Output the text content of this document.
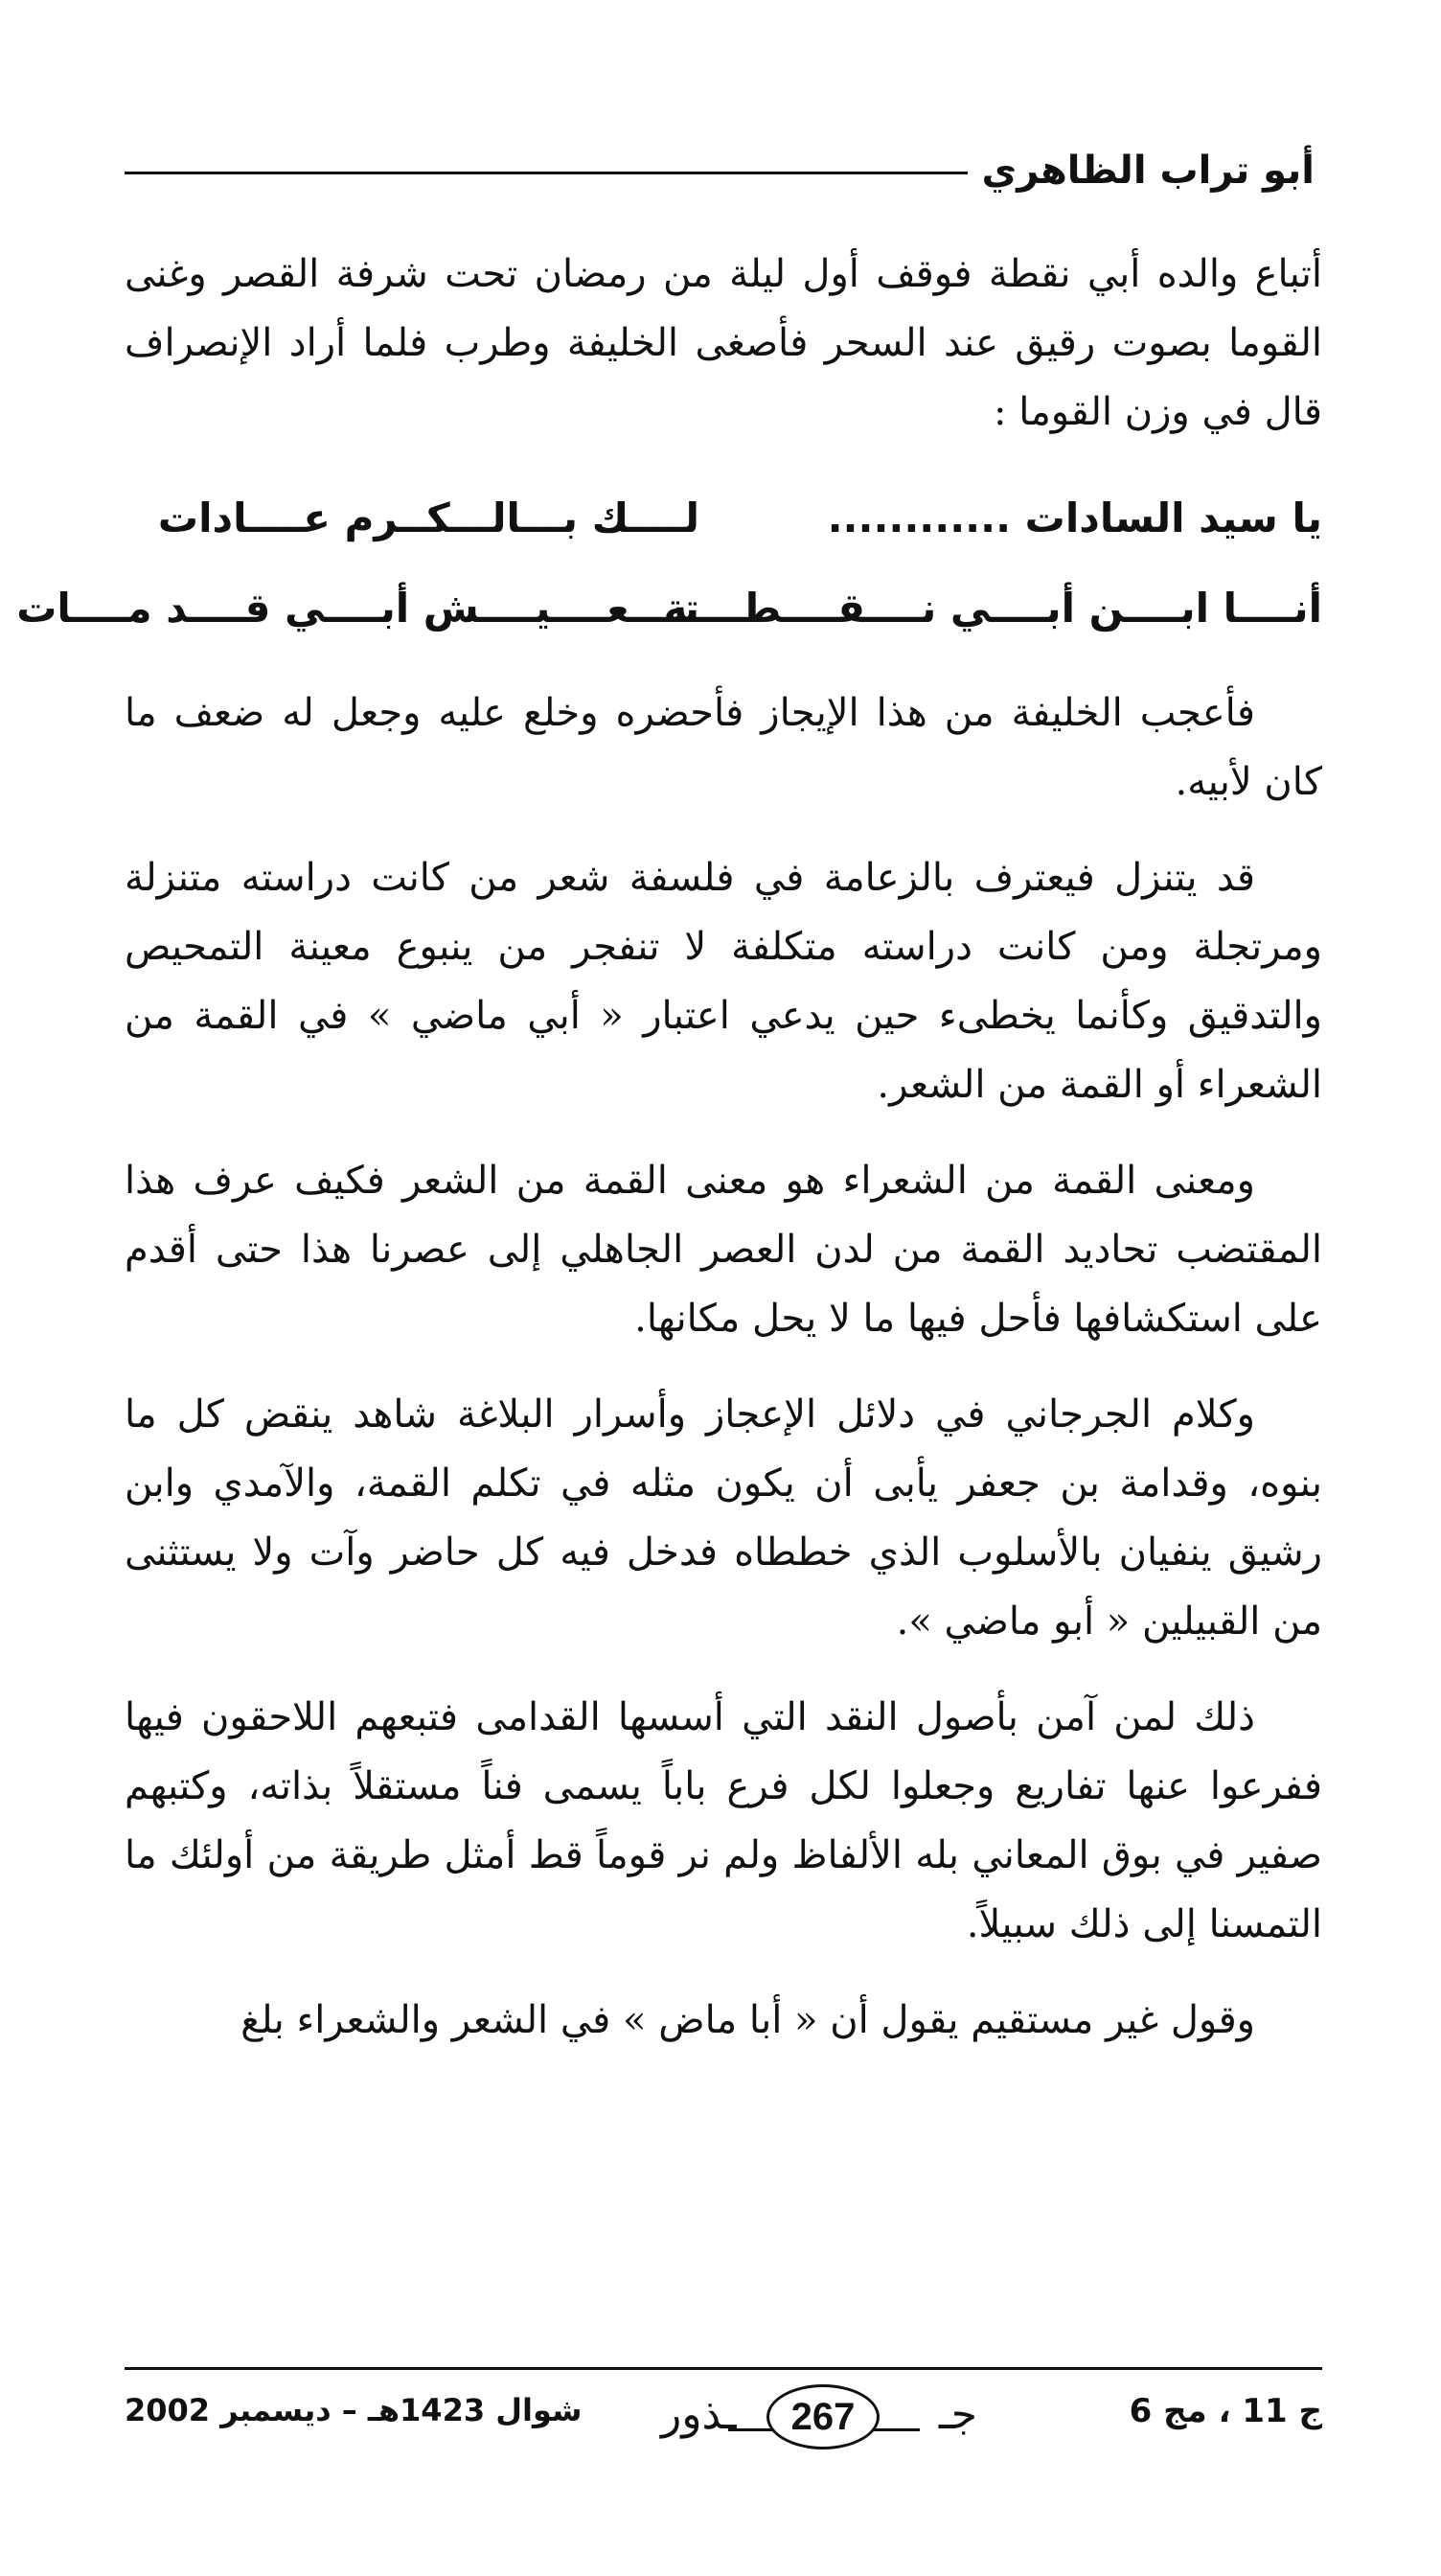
أبو تراب الظاهري

أتباع والده أبي نقطة فوقف أول ليلة من رمضان تحت شرفة القصر وغنى القوما بصوت رقيق عند السحر فأصغى الخليفة وطرب فلما أراد الإنصراف قال في وزن القوما :

يا سيد السادات ............
لــــك بـــالـــكــرم عــــادات
أنــــا ابــــن أبــــي نــــقــــطــــة
تــــعــــيــــش أبــــي قــــد مــــات

فأعجب الخليفة من هذا الإيجاز فأحضره وخلع عليه وجعل له ضعف ما كان لأبيه.

قد يتنزل فيعترف بالزعامة في فلسفة شعر من كانت دراسته متنزلة ومرتجلة ومن كانت دراسته متكلفة لا تنفجر من ينبوع معينة التمحيص والتدقيق وكأنما يخطىء حين يدعي اعتبار « أبي ماضي » في القمة من الشعراء أو القمة من الشعر.

ومعنى القمة من الشعراء هو معنى القمة من الشعر فكيف عرف هذا المقتضب تحاديد القمة من لدن العصر الجاهلي إلى عصرنا هذا حتى أقدم على استكشافها فأحل فيها ما لا يحل مكانها.

وكلام الجرجاني في دلائل الإعجاز وأسرار البلاغة شاهد ينقض كل ما بنوه، وقدامة بن جعفر يأبى أن يكون مثله في تكلم القمة، والآمدي وابن رشيق ينفيان بالأسلوب الذي خططاه فدخل فيه كل حاضر وآت ولا يستثنى من القبيلين « أبو ماضي ».

ذلك لمن آمن بأصول النقد التي أسسها القدامى فتبعهم اللاحقون فيها ففرعوا عنها تفاريع وجعلوا لكل فرع باباً يسمى فناً مستقلاً بذاته، وكتبهم صفير في بوق المعاني بله الألفاظ ولم نر قوماً قط أمثل طريقة من أولئك ما التمسنا إلى ذلك سبيلاً.

وقول غير مستقيم يقول أن « أبا ماض » في الشعر والشعراء بلغ

ج 11 ، مج 6
جـ
267
ـذور
شوال 1423هـ – ديسمبر 2002
